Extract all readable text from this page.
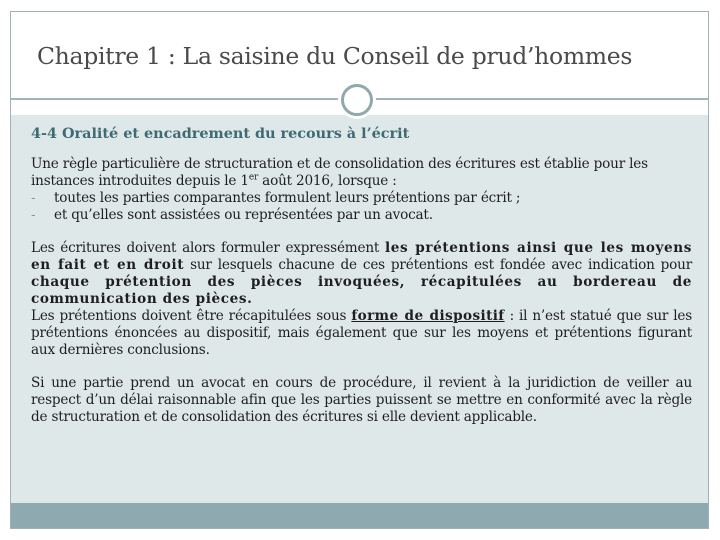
Chapitre 1 : La saisine du Conseil de prud’hommes
4-4 Oralité et encadrement du recours à l’écrit

Une règle particulière de structuration et de consolidation des écritures est établie pour les instances introduites depuis le 1er août 2016, lorsque :

-	toutes les parties comparantes formulent leurs prétentions par écrit ;
-	et qu’elles sont assistées ou représentées par un avocat.

Les écritures doivent alors formuler expressément les prétentions ainsi que les moyens en fait et en droit sur lesquels chacune de ces prétentions est fondée avec indication pour chaque prétention des pièces invoquées, récapitulées au bordereau de communication des pièces.

Les prétentions doivent être récapitulées sous forme de dispositif : il n’est statué que sur les prétentions énoncées au dispositif, mais également que sur les moyens et prétentions figurant aux dernières conclusions.

Si une partie prend un avocat en cours de procédure, il revient à la juridiction de veiller au respect d’un délai raisonnable afin que les parties puissent se mettre en conformité avec la règle de structuration et de consolidation des écritures si elle devient applicable.
